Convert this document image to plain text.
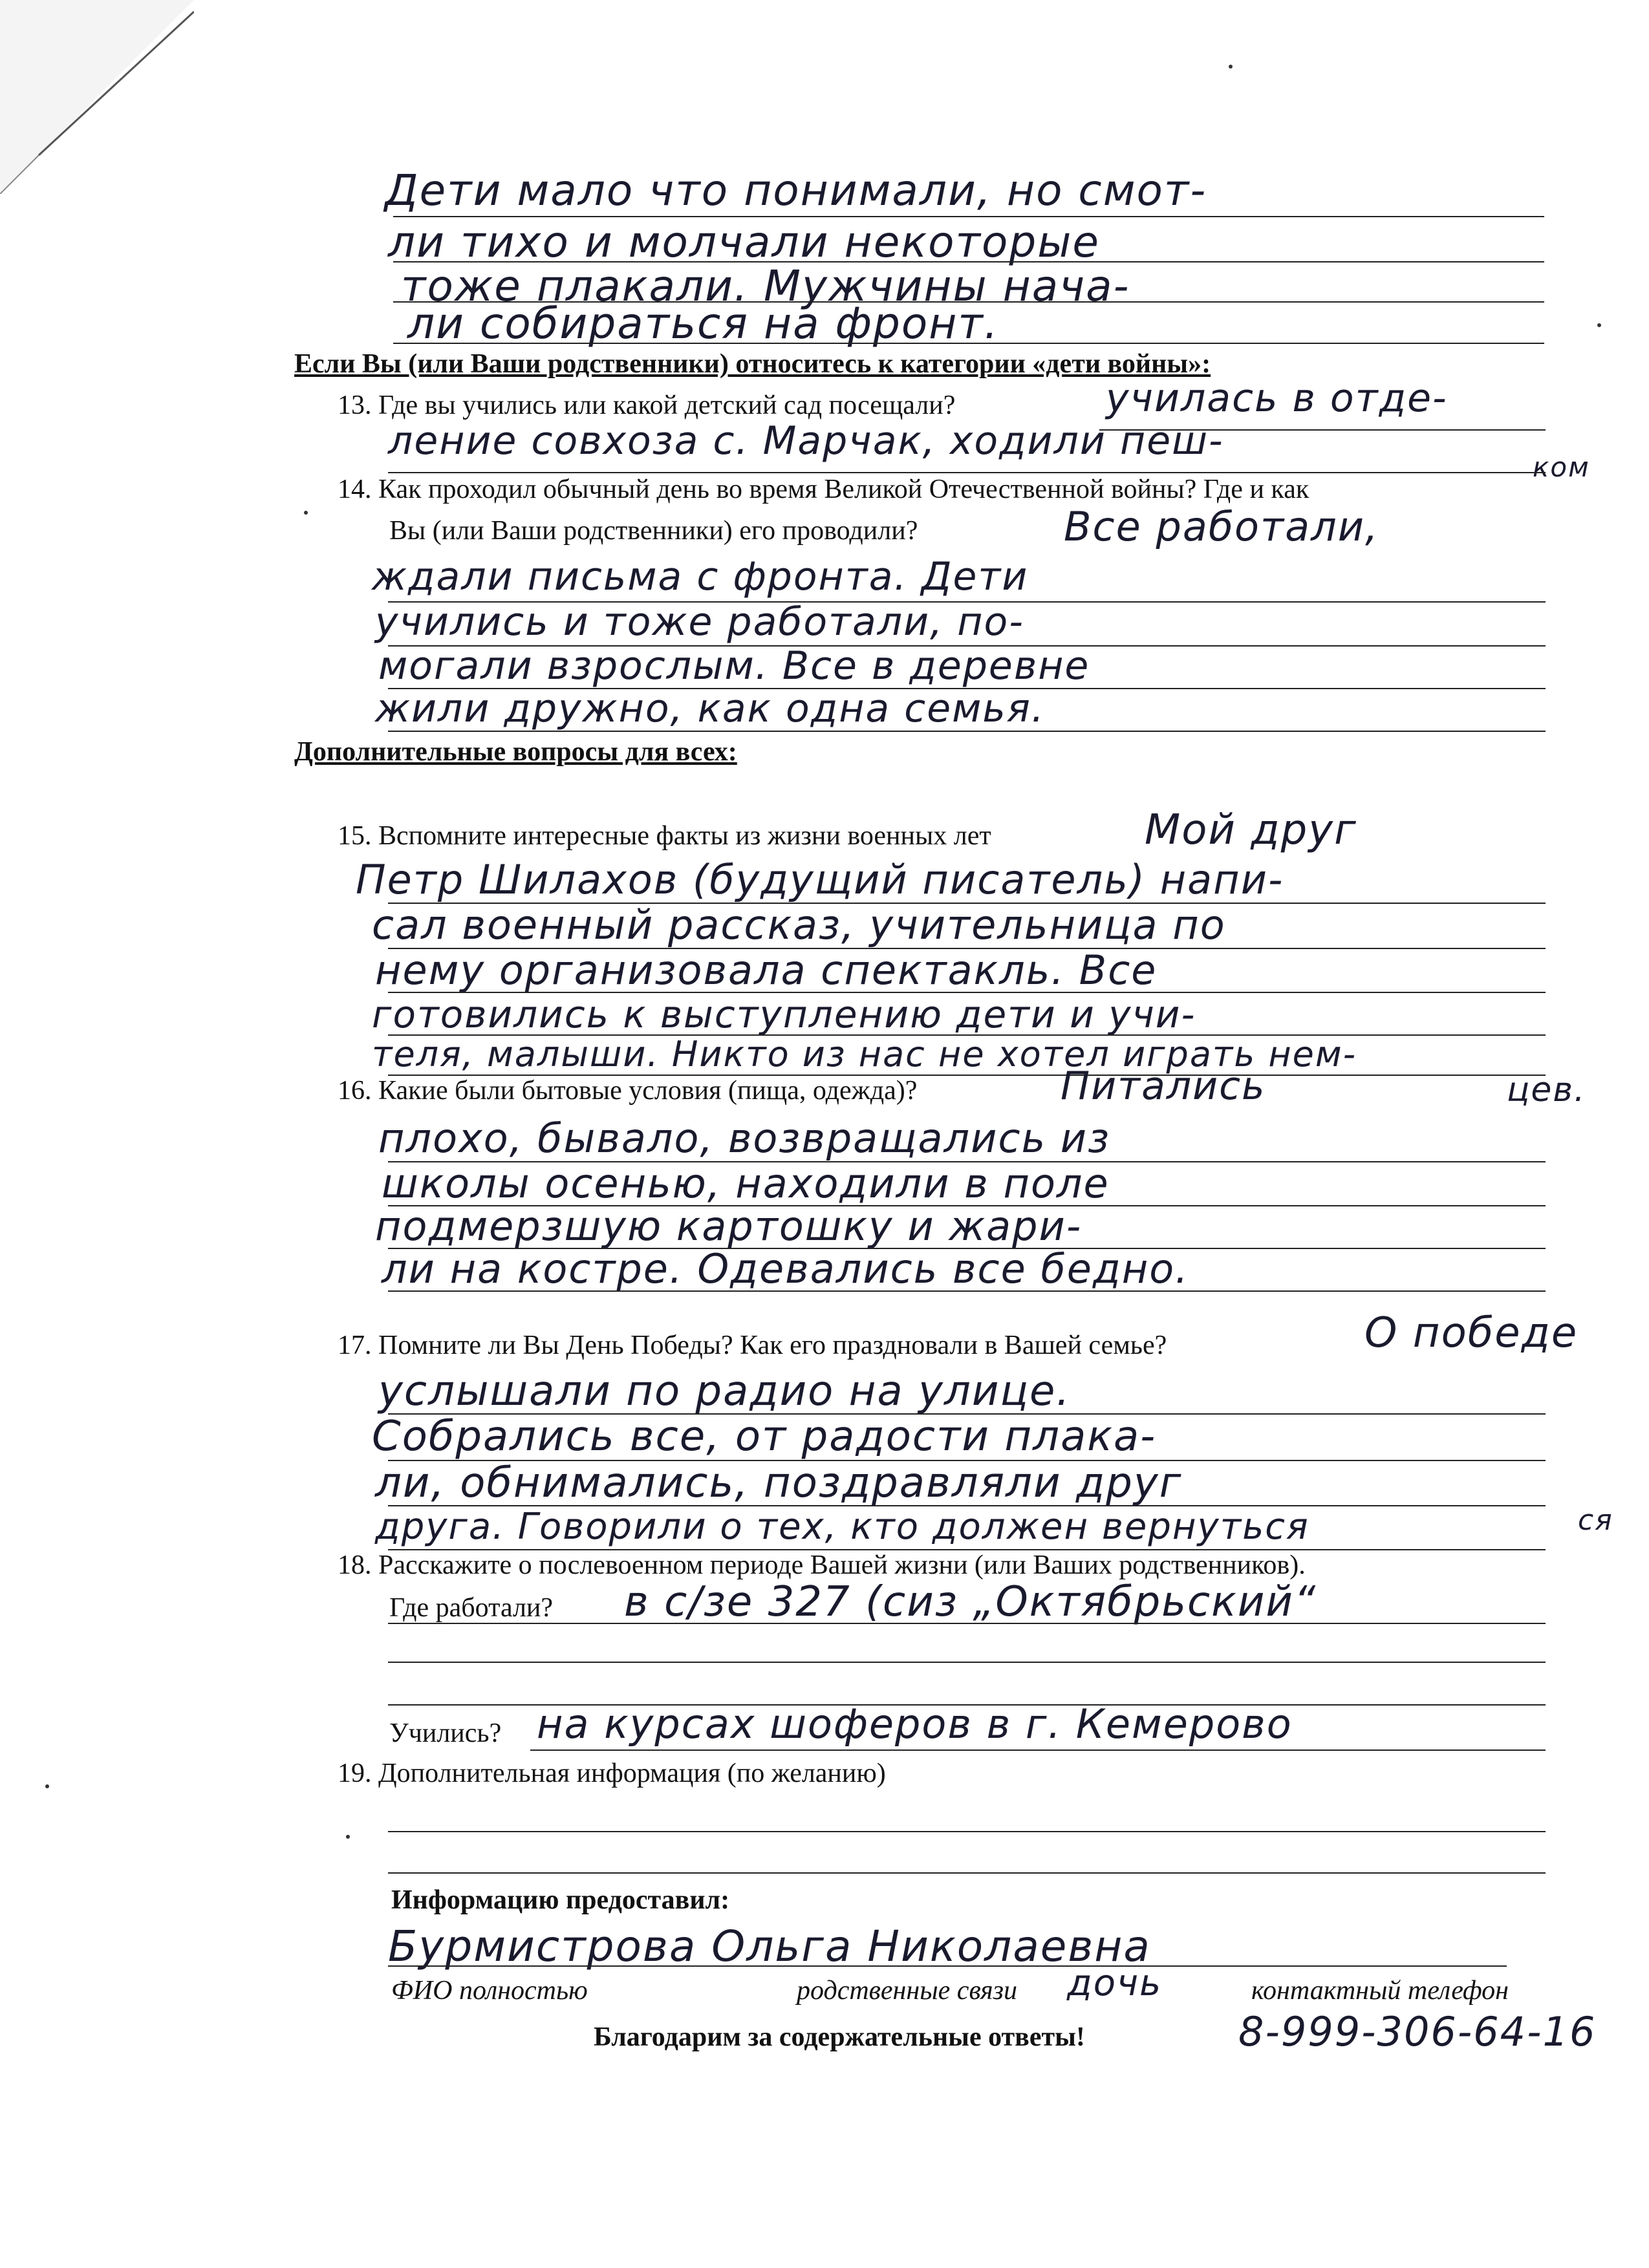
Дети мало что понимали, но смот-
ли тихо и молчали некоторые
тоже плакали. Мужчины нача-
ли собираться на фронт.
Если Вы (или Ваши родственники) относитесь к категории «дети войны»:
13. Где вы учились или какой детский сад посещали?	училась в отде-
ление совхоза с. Марчак, ходили пеш-
ком
14. Как проходил обычный день во время Великой Отечественной войны? Где и как
Вы (или Ваши родственники) его проводили?	Все работали,
ждали письма с фронта. Дети
учились и тоже работали, по-
могали взрослым. Все в деревне
жили дружно, как одна семья.
Дополнительные вопросы для всех:
15. Вспомните интересные факты из жизни военных лет	Мой друг
Петр Шилахов (будущий писатель) напи-
сал военный рассказ, учительница по
нему организовала спектакль. Все
готовились к выступлению дети и учи-
теля, малыши. Никто из нас не хотел играть нем-
цев.
16. Какие были бытовые условия (пища, одежда)?	Питались
плохо, бывало, возвращались из
школы осенью, находили в поле
подмерзшую картошку и жари-
ли на костре. Одевались все бедно.
17. Помните ли Вы День Победы? Как его праздновали в Вашей семье?	О победе
услышали по радио на улице.
Собрались все, от радости плака-
ли, обнимались, поздравляли друг
друга. Говорили о тех, кто должен вернуться	ся
18. Расскажите о послевоенном периоде Вашей жизни (или Ваших родственников).
Где работали? в с/зе 327 (сиз „Октябрьский“
Учились? на курсах шоферов в г. Кемерово
19. Дополнительная информация (по желанию)
Информацию предоставил:
Бурмистрова Ольга Николаевна
ФИО полностью	родственные связи дочь	контактный телефон
Благодарим за содержательные ответы!	8-999-306-64-16
